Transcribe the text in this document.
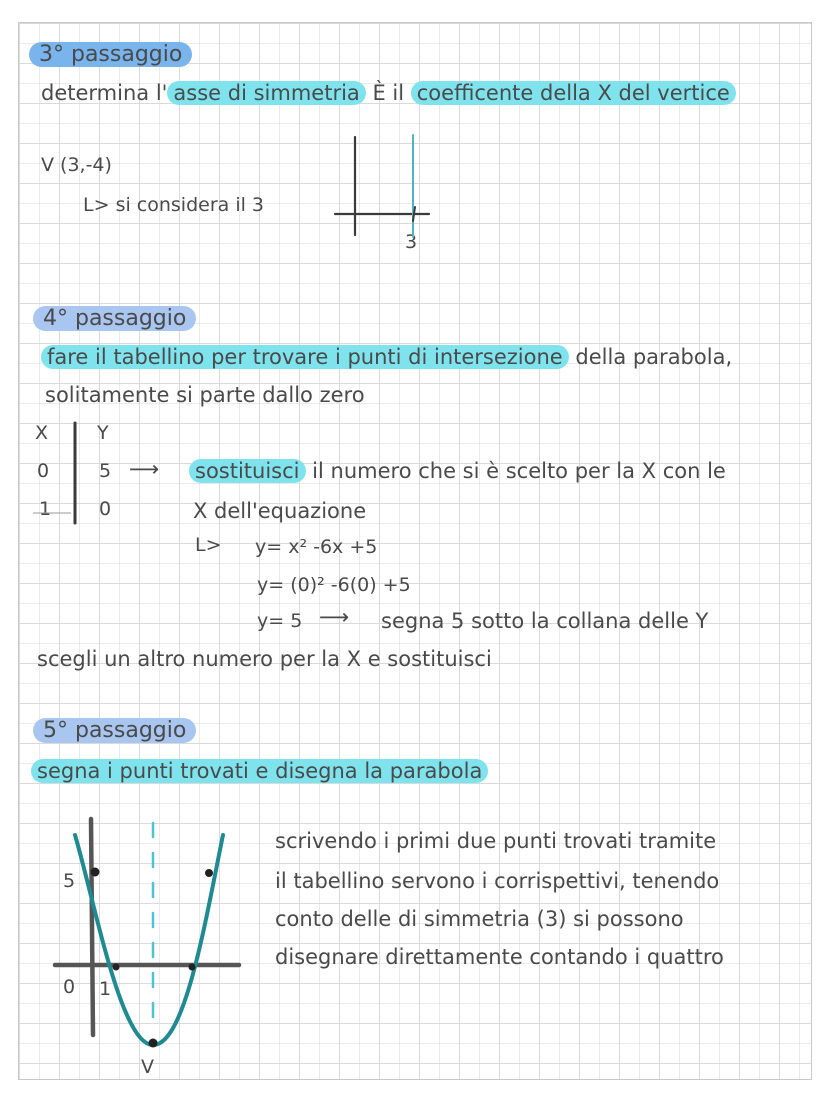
3° passaggio
determina l' asse di simmetria È il coefficente della X del vertice
V (3,-4)
L> si considera il 3
3
4° passaggio
fare il tabellino per trovare i punti di intersezione della parabola,
solitamente si parte dallo zero
X	Y
0	5
1	0
⟶ sostituisci il numero che si è scelto per la X con le
X dell'equazione
L> y= x² -6x +5
y= (0)² -6(0) +5
y= 5 ⟶ segna 5 sotto la collana delle Y
scegli un altro numero per la X e sostituisci
5° passaggio
segna i punti trovati e disegna la parabola
scrivendo i primi due punti trovati tramite
il tabellino servono i corrispettivi, tenendo
conto delle di simmetria (3) si possono
disegnare direttamente contando i quattro
5
0 1
V
